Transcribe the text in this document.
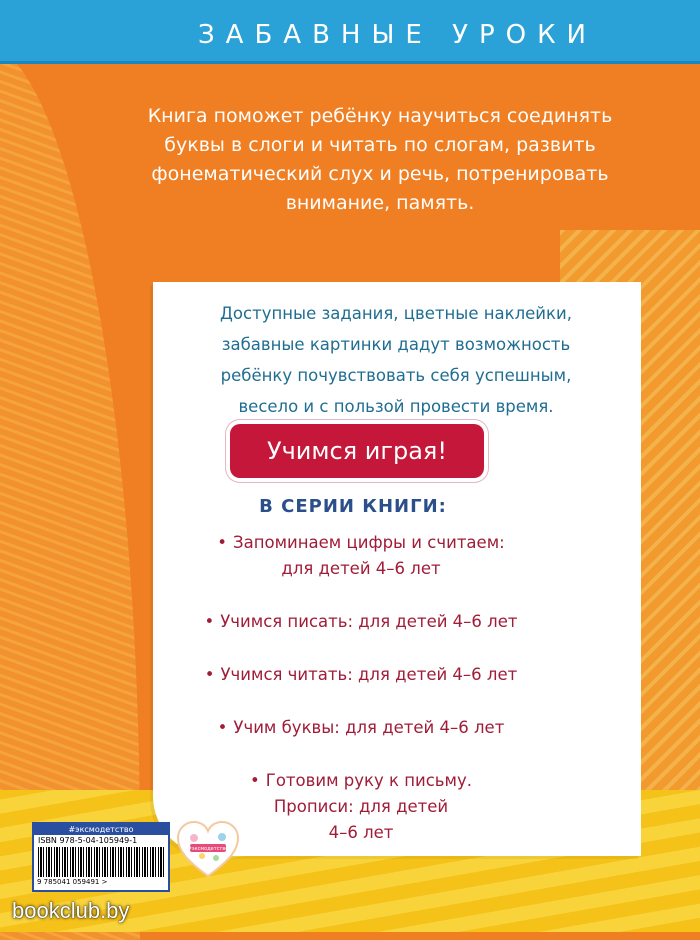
ЗАБАВНЫЕ УРОКИ
Книга поможет ребёнку научиться соединять
буквы в слоги и читать по слогам, развить
фонематический слух и речь, потренировать
внимание, память.
Доступные задания, цветные наклейки,
забавные картинки дадут возможность
ребёнку почувствовать себя успешным,
весело и с пользой провести время.
Учимся играя!
В СЕРИИ КНИГИ:
• Запоминаем цифры и считаем:
для детей 4–6 лет
• Учимся писать: для детей 4–6 лет
• Учимся читать: для детей 4–6 лет
• Учим буквы: для детей 4–6 лет
• Готовим руку к письму.
Прописи: для детей
4–6 лет
#эксмодетство
ISBN 978-5-04-105949-1
9 785041 059491 >
#эксмодетство
bookclub.by
